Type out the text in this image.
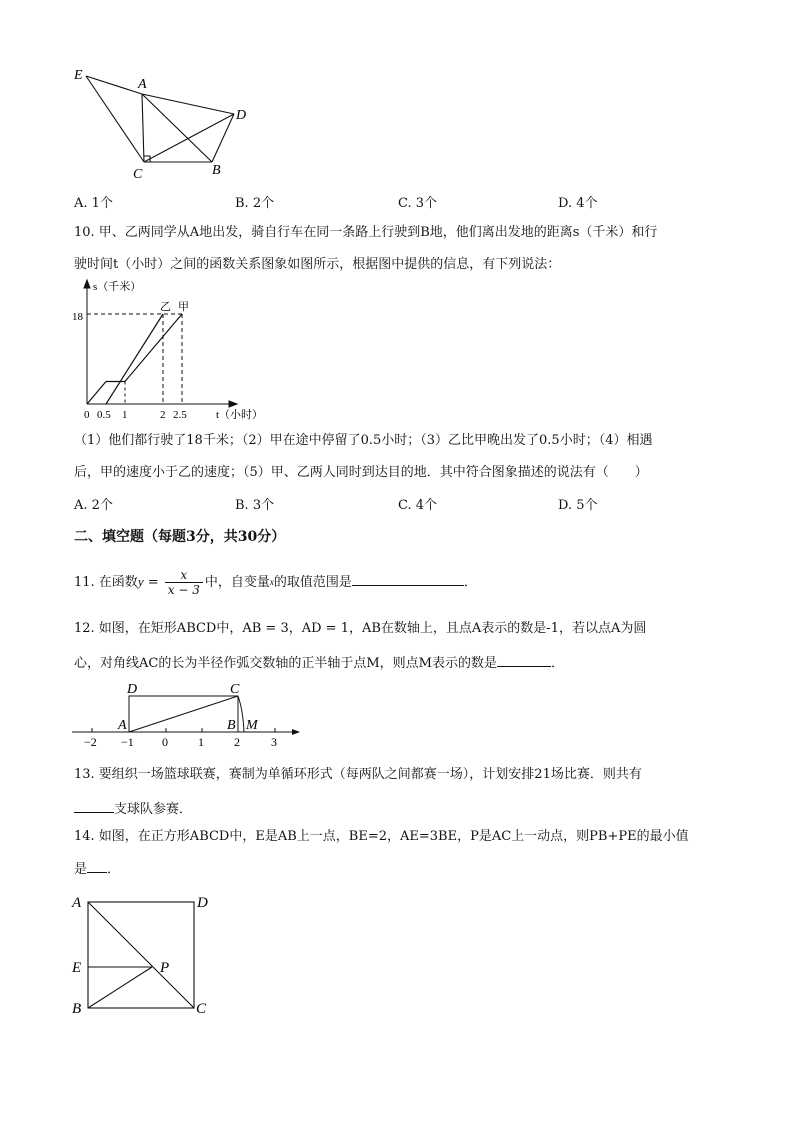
E
A
D
C	B
A. 1个	B. 2个	C. 3个	D. 4个
10. 甲、乙两同学从A地出发，骑自行车在同一条路上行驶到B地，他们离出发地的距离s（千米）和行
驶时间t（小时）之间的函数关系图象如图所示，根据图中提供的信息，有下列说法：
0 0.5 1	2 2.5
s（千米）
t（小时）
18
乙 甲
（1）他们都行驶了18千米；（2）甲在途中停留了0.5小时；（3）乙比甲晚出发了0.5小时；（4）相遇
后，甲的速度小于乙的速度；（5）甲、乙两人同时到达目的地．其中符合图象描述的说法有（　　）
A. 2个	B. 3个	C. 4个	D. 5个
二、填空题（每题3分，共30分）
11. 在函数$y = \frac{x}{x - 3}$ 中，自变量$^x$的取值范围是	．
12. 如图，在矩形ABCD中，AB = 3，AD = 1，AB在数轴上，且点A表示的数是-1，若以点A为圆
心，对角线AC的长为半径作弧交数轴的正半轴于点M，则点M表示的数是	．
D	C
A	B M
−2 −1 0	1	2	3
13. 要组织一场篮球联赛，赛制为单循环形式（每两队之间都赛一场），计划安排21场比赛．则共有
支球队参赛．
14. 如图，在正方形ABCD中，E是AB上一点，BE=2，AE=3BE，P是AC上一动点，则PB+PE的最小值
是 ．
A	D
E	P
B	C
